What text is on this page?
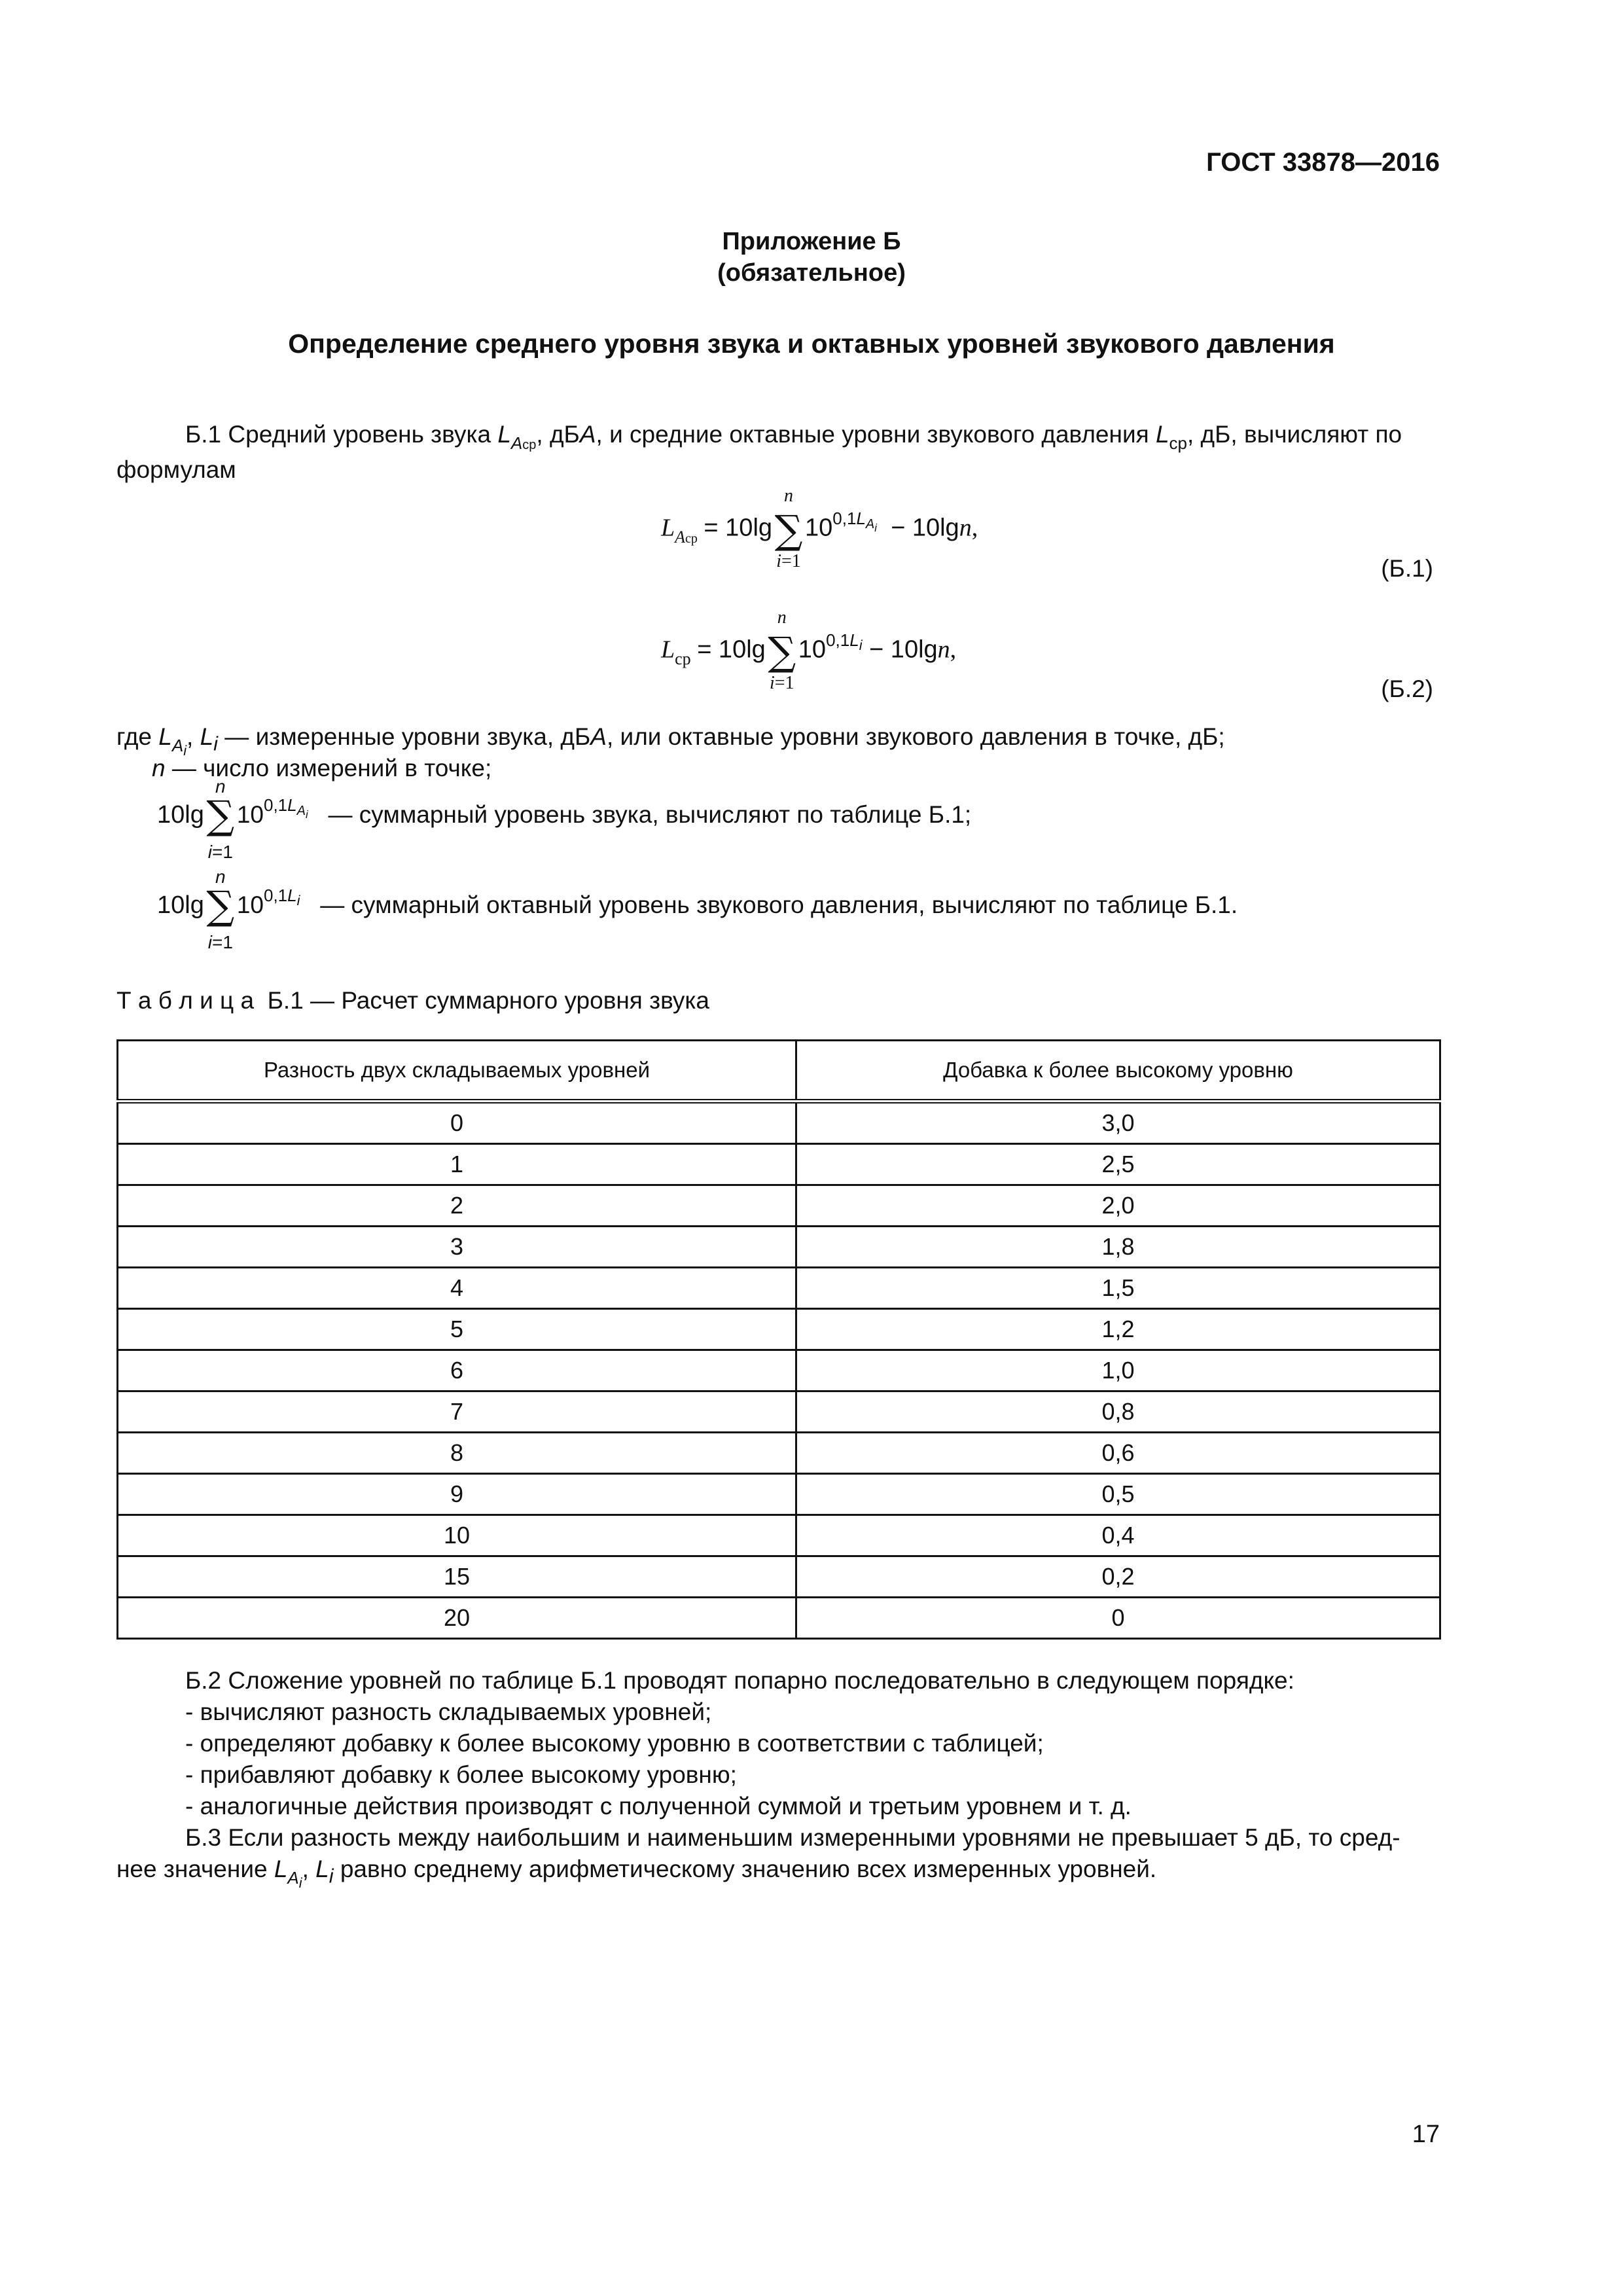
ГОСТ 33878—2016
Приложение Б
(обязательное)
Определение среднего уровня звука и октавных уровней звукового давления
Б.1 Средний уровень звука $L_{Aср}$, дБA, и средние октавные уровни звукового давления $L_{ср}$, дБ, вычисляют по
формулам
$L_{Aср} = 10\lg$
n
∑
i=1
$10^{0,1L_{A_i}} - 10\lg n$,
(Б.1)
$L_{ср} = 10\lg$
n
∑
i=1
$10^{0,1L_i} - 10\lg n$,
(Б.2)
где $L_{A_i}$, $L_i$ — измеренные уровни звука, дБA, или октавные уровни звукового давления в точке, дБ;
n — число измерений в точке;
10lg
n
∑
i=1
$10^{0,1L_{A_i}}$ — суммарный уровень звука, вычисляют по таблице Б.1;
10lg
n
∑
i=1
$10^{0,1L_i}$ — суммарный октавный уровень звукового давления, вычисляют по таблице Б.1.
Т а б л и ц а  Б.1 — Расчет суммарного уровня звука
Разность двух складываемых уровней	Добавка к более высокому уровню
0	3,0
1	2,5
2	2,0
3	1,8
4	1,5
5	1,2
6	1,0
7	0,8
8	0,6
9	0,5
10	0,4
15	0,2
20	0
Б.2 Сложение уровней по таблице Б.1 проводят попарно последовательно в следующем порядке:
- вычисляют разность складываемых уровней;
- определяют добавку к более высокому уровню в соответствии с таблицей;
- прибавляют добавку к более высокому уровню;
- аналогичные действия производят с полученной суммой и третьим уровнем и т. д.
Б.3 Если разность между наибольшим и наименьшим измеренными уровнями не превышает 5 дБ, то сред-
нее значение $L_{A_i}$, $L_i$ равно среднему арифметическому значению всех измеренных уровней.
17
